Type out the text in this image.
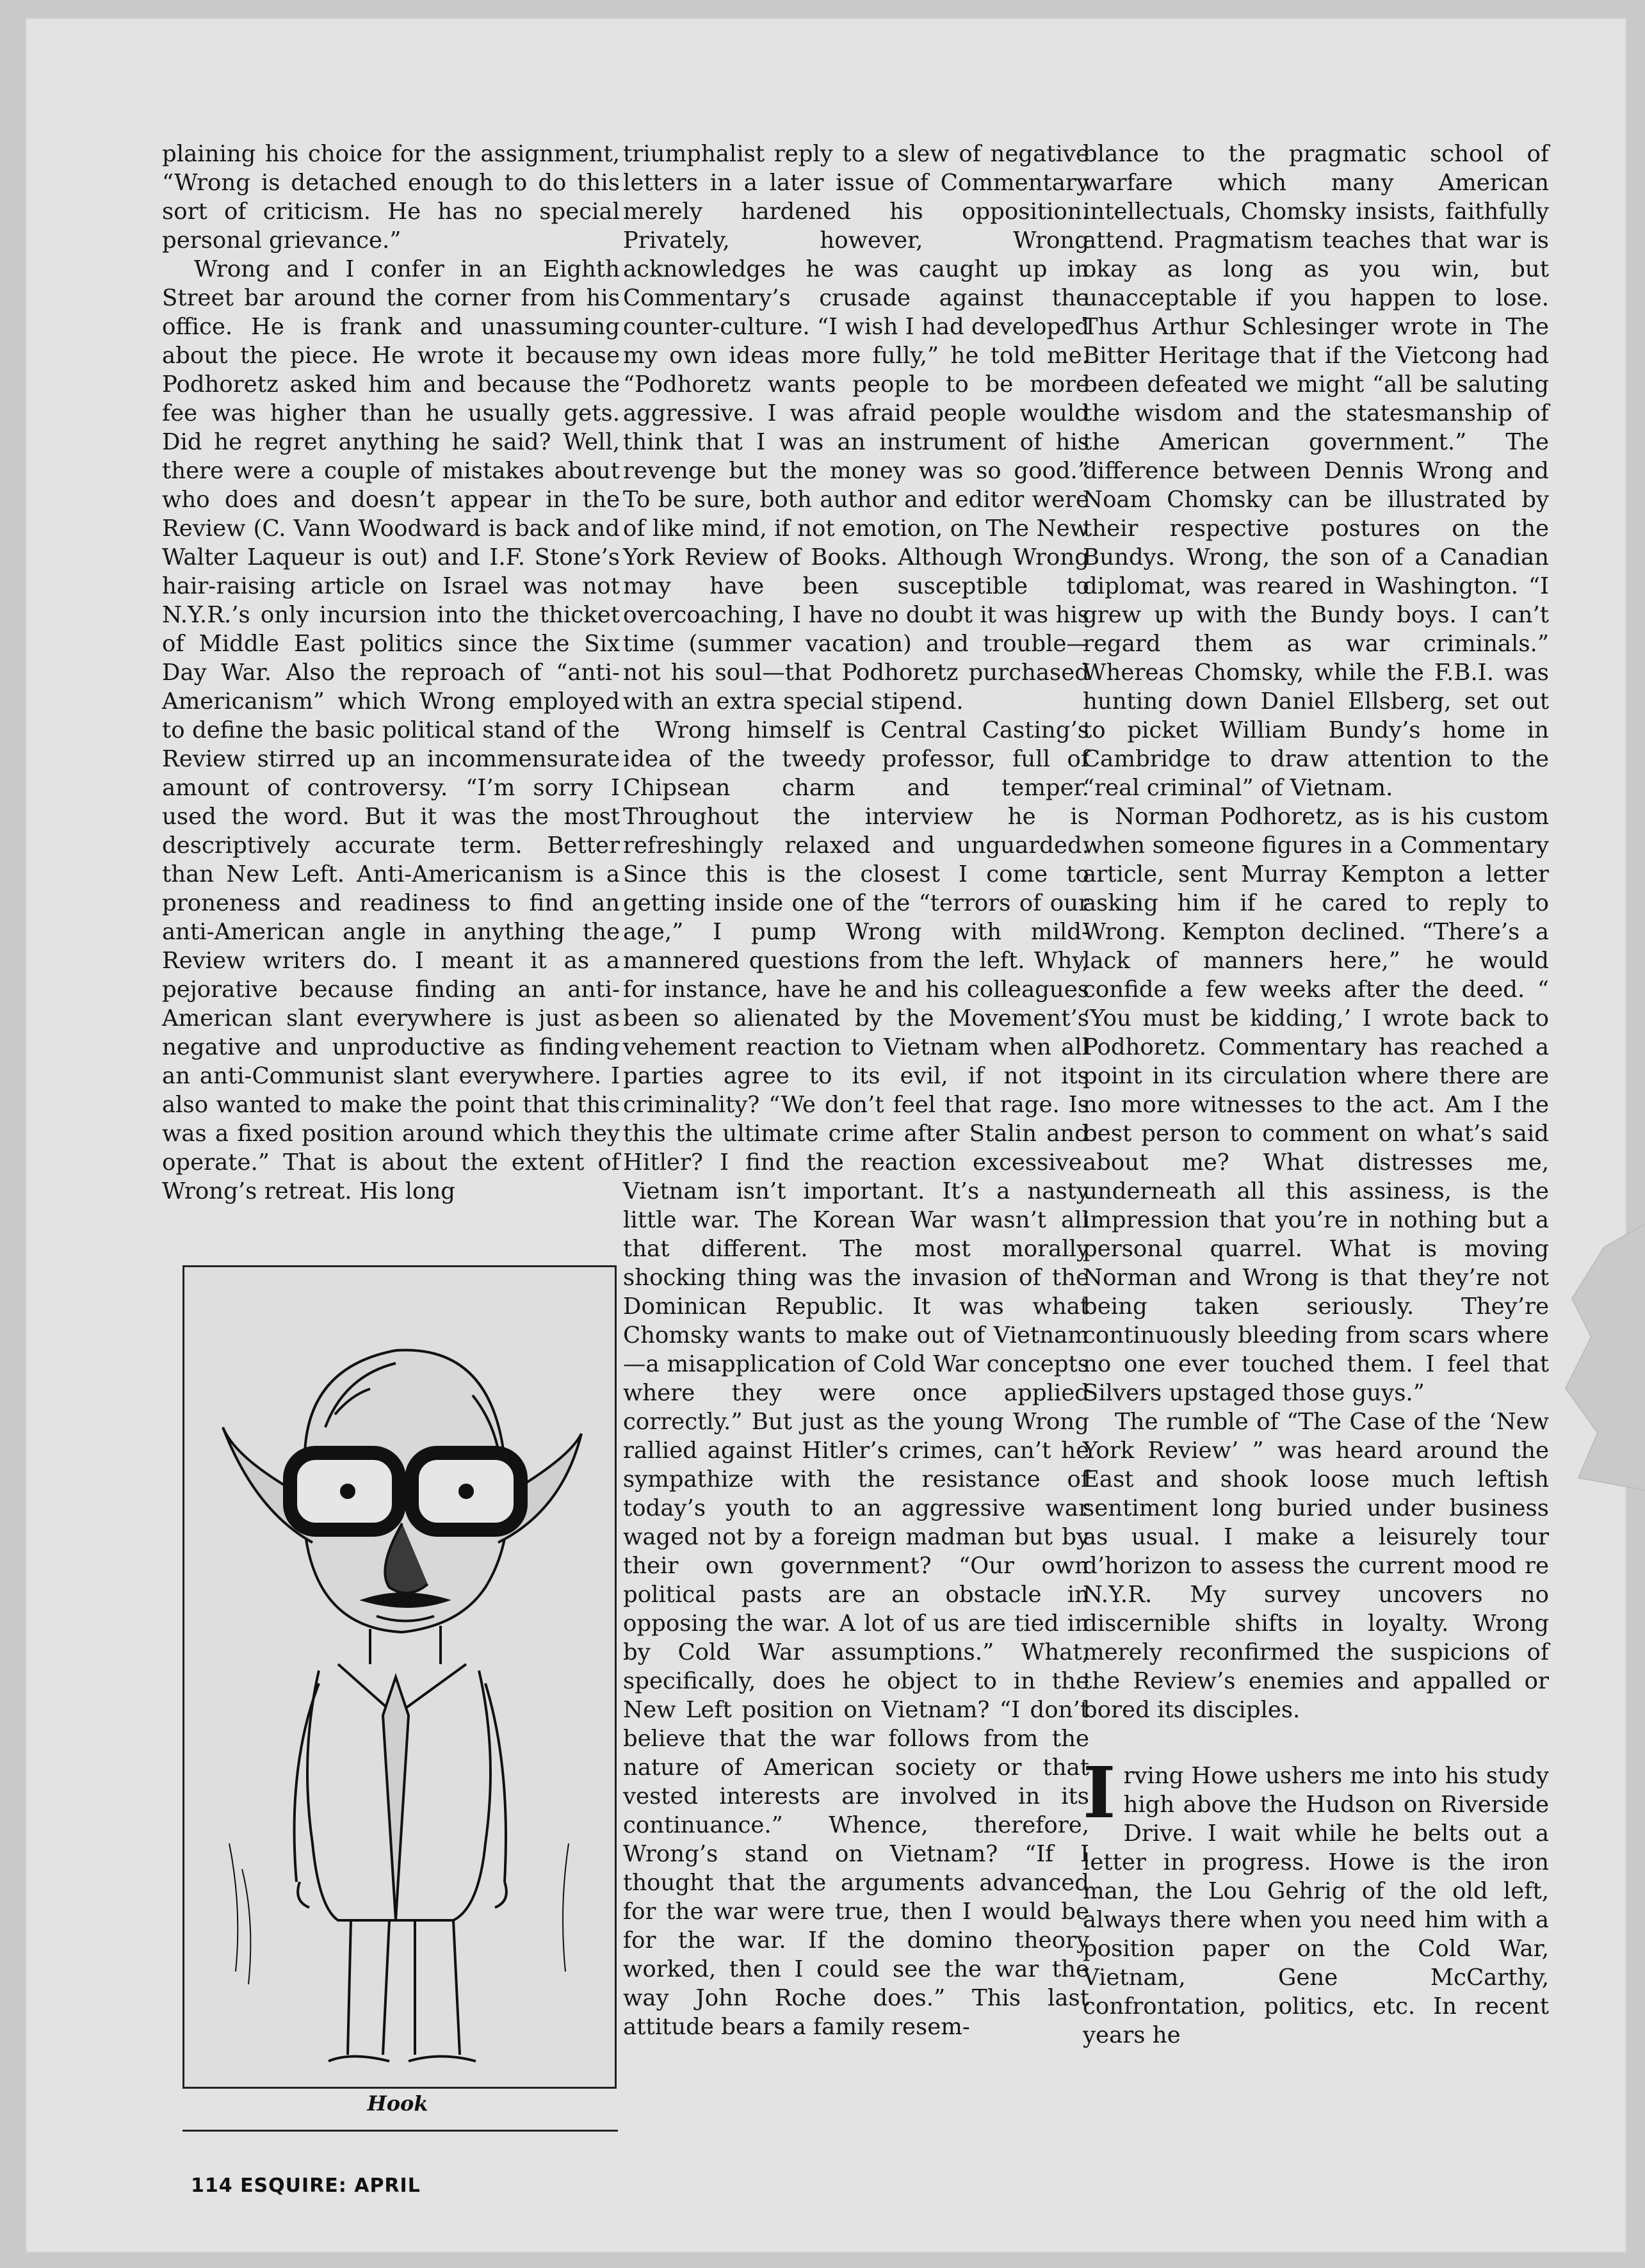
plaining his choice for the assignment, “Wrong is detached enough to do this sort of criticism. He has no special personal grievance.”

Wrong and I confer in an Eighth Street bar around the corner from his office. He is frank and unassuming about the piece. He wrote it because Podhoretz asked him and because the fee was higher than he usually gets. Did he regret anything he said? Well, there were a couple of mistakes about who does and doesn’t appear in the Review (C. Vann Woodward is back and Walter Laqueur is out) and I.F. Stone’s hair-raising article on Israel was not N.Y.R.’s only incursion into the thicket of Middle East politics since the Six Day War. Also the reproach of “anti-Americanism” which Wrong employed to define the basic political stand of the Review stirred up an incommensurate amount of controversy. “I’m sorry I used the word. But it was the most descriptively accurate term. Better than New Left. Anti-Americanism is a proneness and readiness to find an anti-American angle in anything the Review writers do. I meant it as a pejorative because finding an anti-American slant everywhere is just as negative and unproductive as finding an anti-Communist slant everywhere. I also wanted to make the point that this was a fixed position around which they operate.” That is about the extent of Wrong’s retreat. His long

triumphalist reply to a slew of negative letters in a later issue of Commentary merely hardened his opposition. Privately, however, Wrong acknowledges he was caught up in Commentary’s crusade against the counter-culture. “I wish I had developed my own ideas more fully,” he told me. “Podhoretz wants people to be more aggressive. I was afraid people would think that I was an instrument of his revenge but the money was so good.” To be sure, both author and editor were of like mind, if not emotion, on The New York Review of Books. Although Wrong may have been susceptible to overcoaching, I have no doubt it was his time (summer vacation) and trouble—not his soul—that Podhoretz purchased with an extra special stipend.

Wrong himself is Central Casting’s idea of the tweedy professor, full of Chipsean charm and temper. Throughout the interview he is refreshingly relaxed and unguarded. Since this is the closest I come to getting inside one of the “terrors of our age,” I pump Wrong with mild-mannered questions from the left. Why, for instance, have he and his colleagues been so alienated by the Movement’s vehement reaction to Vietnam when all parties agree to its evil, if not its criminality? “We don’t feel that rage. Is this the ultimate crime after Stalin and Hitler? I find the reaction excessive. Vietnam isn’t important. It’s a nasty little war. The Korean War wasn’t all that different. The most morally shocking thing was the invasion of the Dominican Republic. It was what Chomsky wants to make out of Vietnam—a misapplication of Cold War concepts where they were once applied correctly.” But just as the young Wrong rallied against Hitler’s crimes, can’t he sympathize with the resistance of today’s youth to an aggressive war waged not by a foreign madman but by their own government? “Our own political pasts are an obstacle in opposing the war. A lot of us are tied in by Cold War assumptions.” What, specifically, does he object to in the New Left position on Vietnam? “I don’t believe that the war follows from the nature of American society or that vested interests are involved in its continuance.” Whence, therefore, Wrong’s stand on Vietnam? “If I thought that the arguments advanced for the war were true, then I would be for the war. If the domino theory worked, then I could see the war the way John Roche does.” This last attitude bears a family resem-

blance to the pragmatic school of warfare which many American intellectuals, Chomsky insists, faithfully attend. Pragmatism teaches that war is okay as long as you win, but unacceptable if you happen to lose. Thus Arthur Schlesinger wrote in The Bitter Heritage that if the Vietcong had been defeated we might “all be saluting the wisdom and the statesmanship of the American government.” The difference between Dennis Wrong and Noam Chomsky can be illustrated by their respective postures on the Bundys. Wrong, the son of a Canadian diplomat, was reared in Washington. “I grew up with the Bundy boys. I can’t regard them as war criminals.” Whereas Chomsky, while the F.B.I. was hunting down Daniel Ellsberg, set out to picket William Bundy’s home in Cambridge to draw attention to the “real criminal” of Vietnam.

Norman Podhoretz, as is his custom when someone figures in a Commentary article, sent Murray Kempton a letter asking him if he cared to reply to Wrong. Kempton declined. “There’s a lack of manners here,” he would confide a few weeks after the deed. “ ‘You must be kidding,’ I wrote back to Podhoretz. Commentary has reached a point in its circulation where there are no more witnesses to the act. Am I the best person to comment on what’s said about me? What distresses me, underneath all this assiness, is the impression that you’re in nothing but a personal quarrel. What is moving Norman and Wrong is that they’re not being taken seriously. They’re continuously bleeding from scars where no one ever touched them. I feel that Silvers upstaged those guys.”

The rumble of “The Case of the ‘New York Review’ ” was heard around the East and shook loose much leftish sentiment long buried under business as usual. I make a leisurely tour d’horizon to assess the current mood re N.Y.R. My survey uncovers no discernible shifts in loyalty. Wrong merely reconfirmed the suspicions of the Review’s enemies and appalled or bored its disciples.

Irving Howe ushers me into his study high above the Hudson on Riverside Drive. I wait while he belts out a letter in progress. Howe is the iron man, the Lou Gehrig of the old left, always there when you need him with a position paper on the Cold War, Vietnam, Gene McCarthy, confrontation, politics, etc. In recent years he

Hook
114 ESQUIRE: APRIL
